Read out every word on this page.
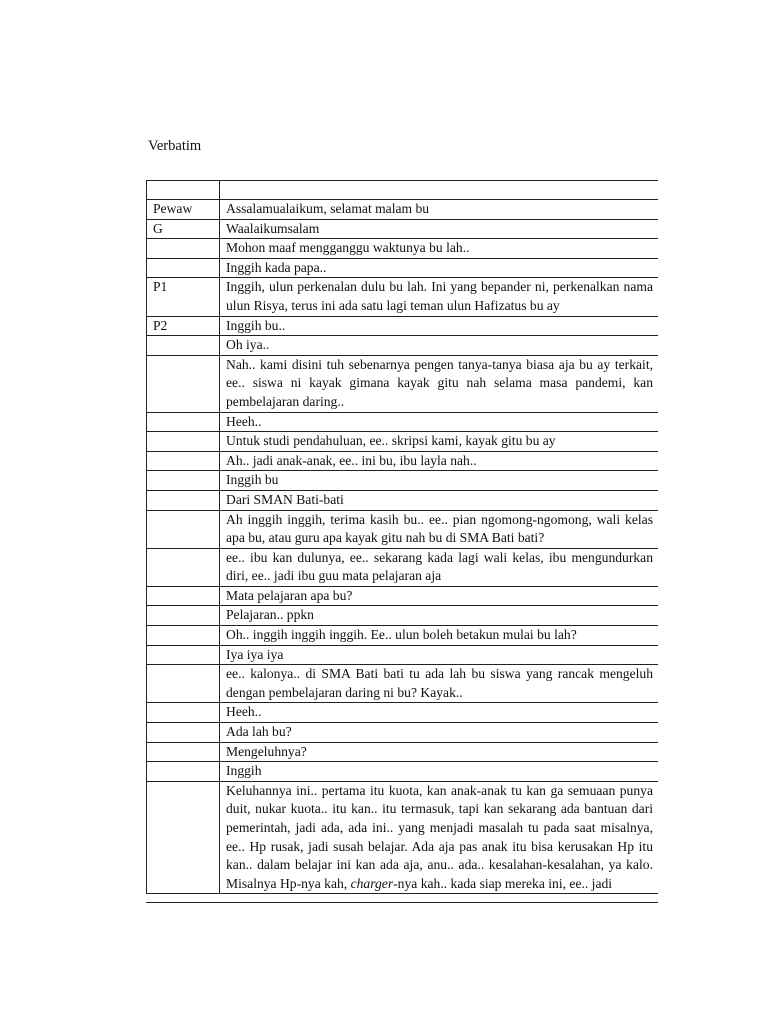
Verbatim

Pewaw	Assalamualaikum, selamat malam bu
G	Waalaikumsalam
	Mohon maaf mengganggu waktunya bu lah..
	Inggih kada papa..
P1	Inggih, ulun perkenalan dulu bu lah. Ini yang bepander ni, perkenalkan nama ulun Risya, terus ini ada satu lagi teman ulun Hafizatus bu ay
P2	Inggih bu..
	Oh iya..
	Nah.. kami disini tuh sebenarnya pengen tanya-tanya biasa aja bu ay terkait, ee.. siswa ni kayak gimana kayak gitu nah selama masa pandemi, kan pembelajaran daring..
	Heeh..
	Untuk studi pendahuluan, ee.. skripsi kami, kayak gitu bu ay
	Ah.. jadi anak-anak, ee.. ini bu, ibu layla nah..
	Inggih bu
	Dari SMAN Bati-bati
	Ah inggih inggih, terima kasih bu.. ee.. pian ngomong-ngomong, wali kelas apa bu, atau guru apa kayak gitu nah bu di SMA Bati bati?
	ee.. ibu kan dulunya, ee.. sekarang kada lagi wali kelas, ibu mengundurkan diri, ee.. jadi ibu guu mata pelajaran aja
	Mata pelajaran apa bu?
	Pelajaran.. ppkn
	Oh.. inggih inggih inggih. Ee.. ulun boleh betakun mulai bu lah?
	Iya iya iya
	ee.. kalonya.. di SMA Bati bati tu ada lah bu siswa yang rancak mengeluh dengan pembelajaran daring ni bu? Kayak..
	Heeh..
	Ada lah bu?
	Mengeluhnya?
	Inggih
	Keluhannya ini.. pertama itu kuota, kan anak-anak tu kan ga semuaan punya duit, nukar kuota.. itu kan.. itu termasuk, tapi kan sekarang ada bantuan dari pemerintah, jadi ada, ada ini.. yang menjadi masalah tu pada saat misalnya, ee.. Hp rusak, jadi susah belajar. Ada aja pas anak itu bisa kerusakan Hp itu kan.. dalam belajar ini kan ada aja, anu.. ada.. kesalahan-kesalahan, ya kalo. Misalnya Hp-nya kah, charger-nya kah.. kada siap mereka ini, ee.. jadi
